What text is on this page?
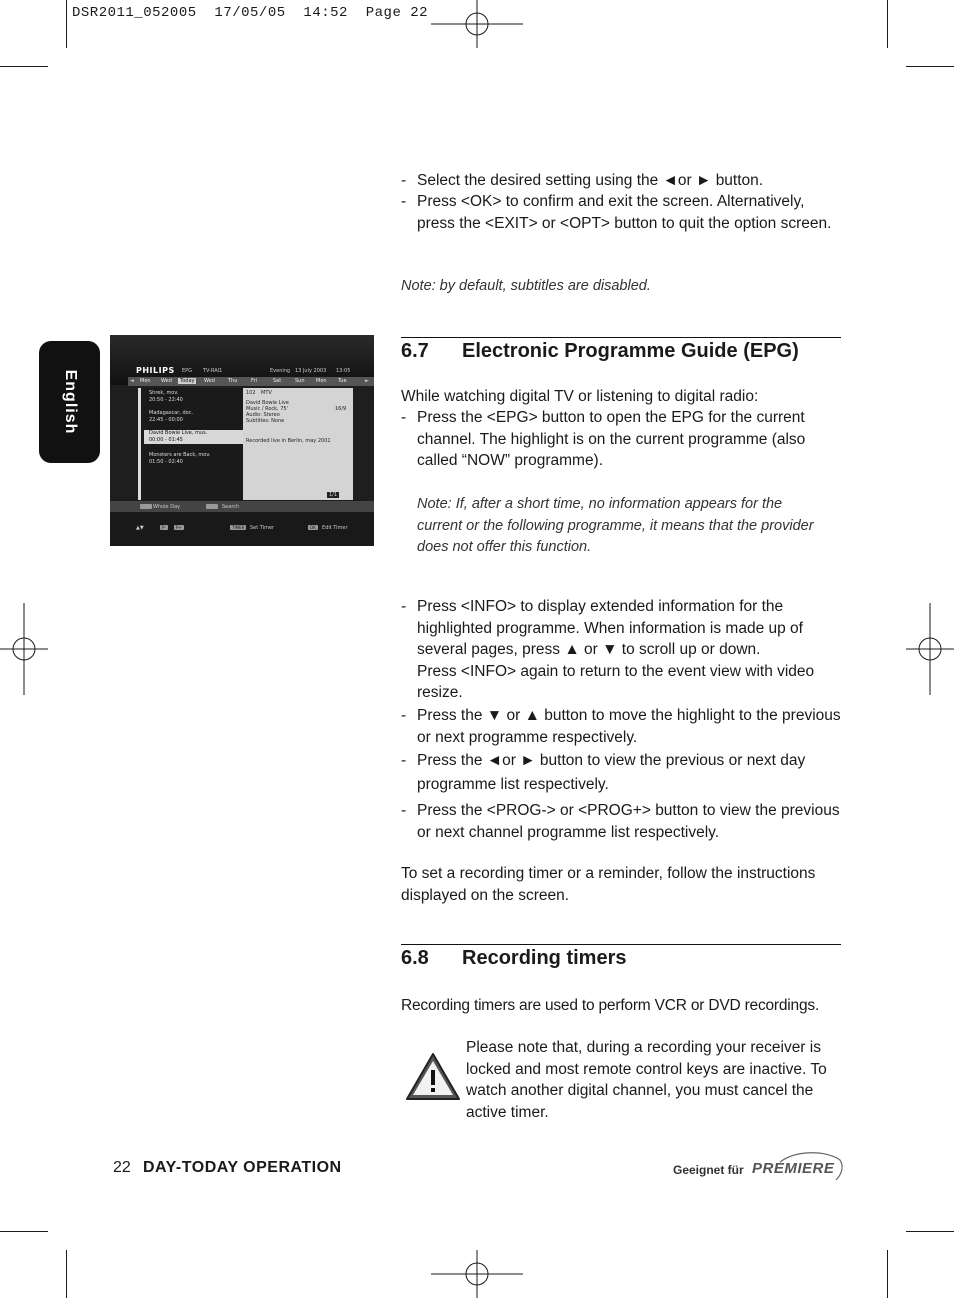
DSR2011_052005  17/05/05  14:52  Page 22
English	PHILIPS EPG TV-RAI1	Evening 13 July 2003 13:05
◄ Mon Wed	Today	Wed	Thu	Fri	Sat	Sun Mon Tue	►
Shrek, mov.
20:50 - 22:40
Madagascar, doc.
22:45 - 00:00
David Bowie Live, mus.
00:00 - 01:45
Monsters are Back, mov.
01:50 - 02:40
102 MTV
David Bowie Live
Music / Rock, 75'
Audio: Stereo
Subtitles: None
16/9
Recorded live in Berlin, may 2001
1/1
Whole Day	Search
▲▼	P-	P+	TIMER	Set Timer	OK	Edit Timer
- Select the desired setting using the ◄or ► button.
- Press <OK> to confirm and exit the screen. Alternatively, press the <EXIT> or <OPT> button to quit the option screen.
Note: by default, subtitles are disabled.
6.7 Electronic Programme Guide (EPG)
While watching digital TV or listening to digital radio:
- Press the <EPG> button to open the EPG for the current channel. The highlight is on the current programme (also called “NOW” programme).
Note: If, after a short time, no information appears for the current or the following programme, it means that the provider does not offer this function.
- Press <INFO> to display extended information for the highlighted programme. When information is made up of several pages, press ▲ or ▼ to scroll up or down.
Press <INFO> again to return to the event view with video resize.
- Press the ▼ or ▲ button to move the highlight to the previous or next programme respectively.
- Press the ◄or ► button to view the previous or next day programme list respectively.
- Press the <PROG-> or <PROG+> button to view the previous or next channel programme list respectively.
To set a recording timer or a reminder, follow the instructions displayed on the screen.
6.8 Recording timers
Recording timers are used to perform VCR or DVD recordings.
Please note that, during a recording your receiver is locked and most remote control keys are inactive. To watch another digital channel, you must cancel the active timer.
22 DAY-TODAY OPERATION	Geeignet für PREMIERE
